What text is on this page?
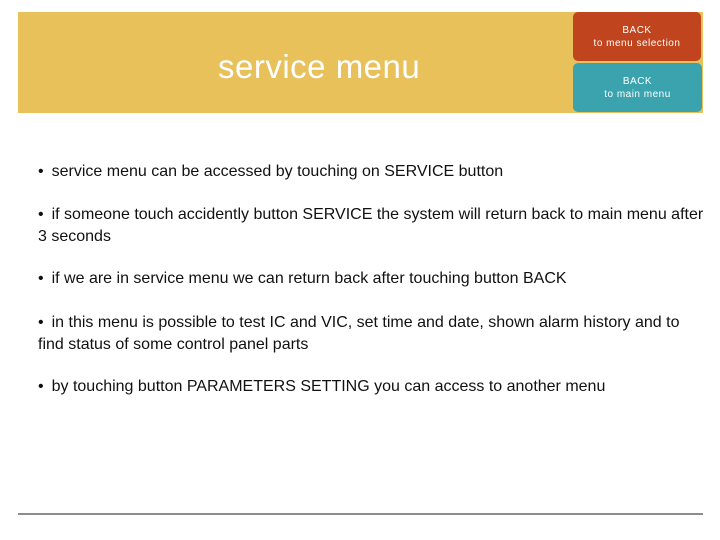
service menu
BACK
to menu selection
BACK
to main menu
• service menu can be accessed by touching on SERVICE button
• if someone touch accidently button SERVICE the system will return back to main menu after 3 seconds
• if we are in service menu we can return back after touching button BACK
• in this menu is possible to test IC and VIC, set time and date, shown alarm history and to find status of some control panel parts
• by touching button PARAMETERS SETTING you can access to another menu
